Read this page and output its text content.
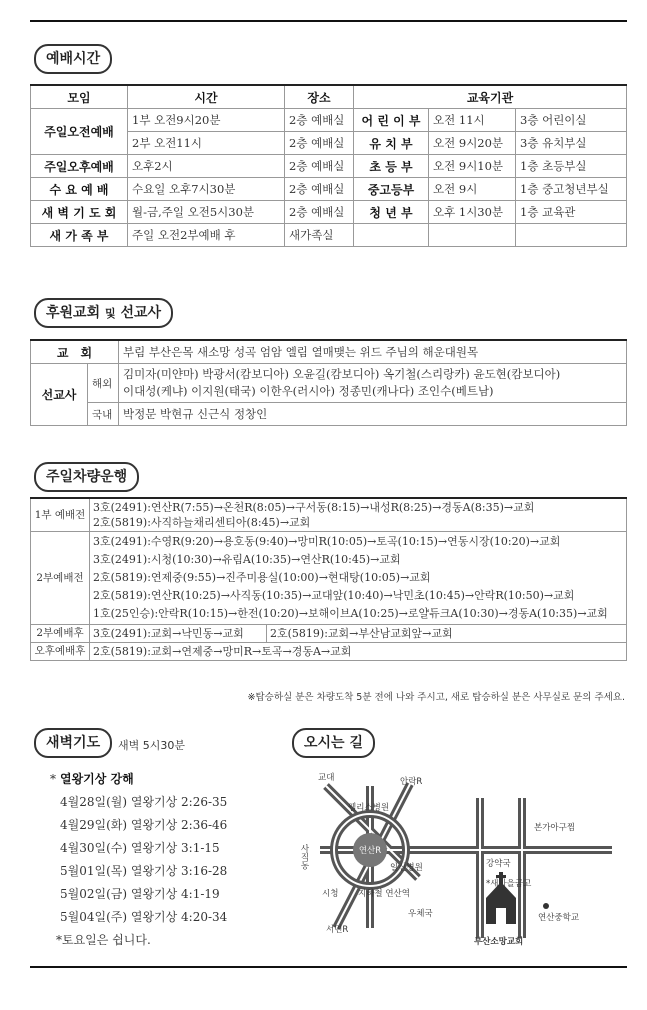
예배시간
모임	시간	장소	교육기관		
주일오전예배	1부 오전9시20분	2층 예배실	어 린 이 부	오전 11시	3층 어린이실
	2부 오전11시	2층 예배실	유 치 부	오전 9시20분	3층 유치부실
주일오후예배	오후2시	2층 예배실	초 등 부	오전 9시10분	1층 초등부실
수 요 예 배	수요일 오후7시30분	2층 예배실	중고등부	오전 9시	1층 중고청년부실
새 벽 기 도 회	월-금,주일 오전5시30분	2층 예배실	청 년 부	오후 1시30분	1층 교육관
새 가 족 부	주일 오전2부예배 후	새가족실			
후원교회 및 선교사
교　회		부림 부산은목 새소망 성곡 엄암 엘림 열매맺는 위드 주님의 해운대원목
선교사	해외	김미자(미얀마) 박광서(캄보디아) 오윤길(캄보디아) 옥기철(스리랑카) 윤도현(캄보디아)
이대성(케냐) 이지원(태국) 이한우(러시아) 정종민(캐나다) 조인수(베트남)

	국내	박정문 박현규 신근식 정창인
주일차량운행
1부 예배전	3호(2491):연산R(7:55)→온천R(8:05)→구서동(8:15)→내성R(8:25)→경동A(8:35)→교회
2호(5819):사직하늘채리센티아(8:45)→교회	

2부예배전	3호(2491):수영R(9:20)→용호동(9:40)→망미R(10:05)→토곡(10:15)→연동시장(10:20)→교회
3호(2491):시청(10:30)→유림A(10:35)→연산R(10:45)→교회
2호(5819):연제중(9:55)→진주미용실(10:00)→현대탕(10:05)→교회
2호(5819):연산R(10:25)→사직동(10:35)→교대앞(10:40)→낙민초(10:45)→안락R(10:50)→교회
1호(25인승):안락R(10:15)→한전(10:20)→보해이브A(10:25)→로얄듀크A(10:30)→경동A(10:35)→교회	

2부예배후	3호(2491):교회→낙민동→교회	2호(5819):교회→부산남교회앞→교회
오후예배후	2호(5819):교회→연제중→망미R→토곡→경동A→교회	
※탑승하실 분은 차량도착 5분 전에 나와 주시고, 새로 탑승하실 분은 사무실로 문의 주세요.
새벽기도	새벽 5시30분
* 열왕기상 강해
4월28일(월) 열왕기상 2:26-35
4월29일(화) 열왕기상 2:36-46
4월30일(수) 열왕기상 3:1-15
5월01일(목) 열왕기상 3:16-28
5월02일(금) 열왕기상 4:1-19
5월04일(주) 열왕기상 4:20-34
*토요일은 쉽니다.
오시는 길
연산R
교대	안락R
웰리스병원
사직동	일신병원
시청 지하철 연산역
우체국
서면R
강약국
*새마을금고
본가아구찜
연산중학교
부산소망교회
